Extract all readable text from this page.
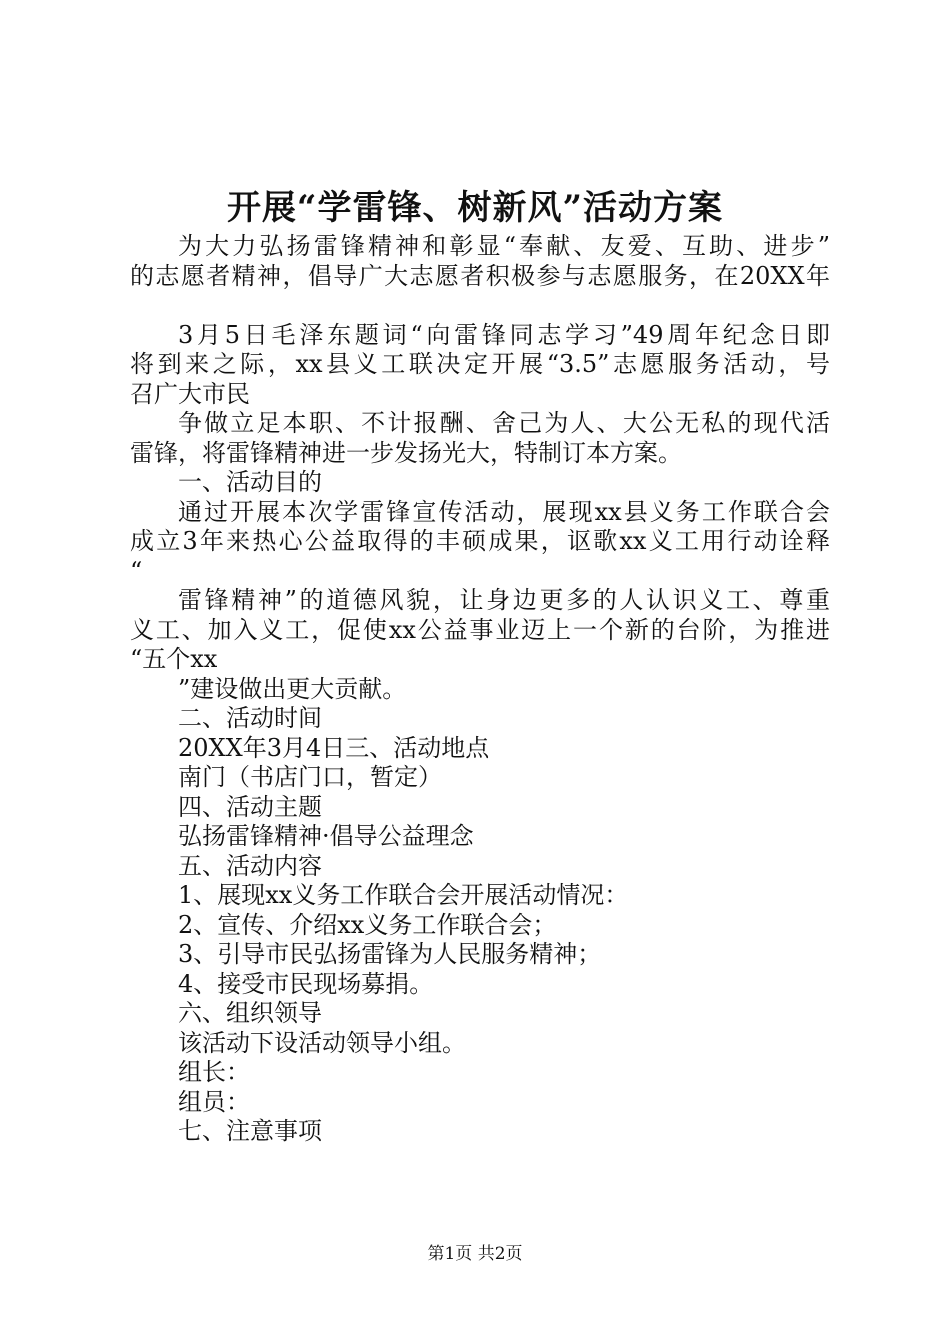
开展“学雷锋、树新风”活动方案
为大力弘扬雷锋精神和彰显“奉献、友爱、互助、进步”
的志愿者精神，倡导广大志愿者积极参与志愿服务，在20XX年
3月5日毛泽东题词“向雷锋同志学习”49周年纪念日即
将到来之际，xx县义工联决定开展“3.5”志愿服务活动，号
召广大市民
争做立足本职、不计报酬、舍己为人、大公无私的现代活
雷锋，将雷锋精神进一步发扬光大，特制订本方案。
一、活动目的
通过开展本次学雷锋宣传活动，展现xx县义务工作联合会
成立3年来热心公益取得的丰硕成果，讴歌xx义工用行动诠释
“
雷锋精神”的道德风貌，让身边更多的人认识义工、尊重
义工、加入义工，促使xx公益事业迈上一个新的台阶，为推进
“五个xx
”建设做出更大贡献。
二、活动时间
20XX年3月4日三、活动地点
南门（书店门口，暂定）
四、活动主题
弘扬雷锋精神·倡导公益理念
五、活动内容
1、展现xx义务工作联合会开展活动情况：
2、宣传、介绍xx义务工作联合会；
3、引导市民弘扬雷锋为人民服务精神；
4、接受市民现场募捐。
六、组织领导
该活动下设活动领导小组。
组长：
组员：
七、注意事项
第1页 共2页
